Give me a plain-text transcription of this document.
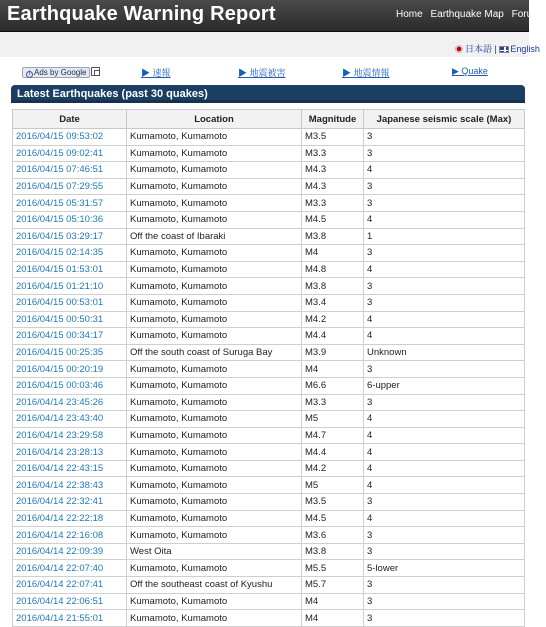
Earthquake Warning Report	Home Earthquake Map Forum
日本語 | English
i Ads by Google	▶ 速報	▶ 地震被害	▶ 地震情報	▶ Quake
Latest Earthquakes (past 30 quakes)
Date	Location	Magnitude	Japanese seismic scale (Max)
2016/04/15 09:53:02	Kumamoto, Kumamoto	M3.5	3
2016/04/15 09:02:41	Kumamoto, Kumamoto	M3.3	3
2016/04/15 07:46:51	Kumamoto, Kumamoto	M4.3	4
2016/04/15 07:29:55	Kumamoto, Kumamoto	M4.3	3
2016/04/15 05:31:57	Kumamoto, Kumamoto	M3.3	3
2016/04/15 05:10:36	Kumamoto, Kumamoto	M4.5	4
2016/04/15 03:29:17	Off the coast of Ibaraki	M3.8	1
2016/04/15 02:14:35	Kumamoto, Kumamoto	M4	3
2016/04/15 01:53:01	Kumamoto, Kumamoto	M4.8	4
2016/04/15 01:21:10	Kumamoto, Kumamoto	M3.8	3
2016/04/15 00:53:01	Kumamoto, Kumamoto	M3.4	3
2016/04/15 00:50:31	Kumamoto, Kumamoto	M4.2	4
2016/04/15 00:34:17	Kumamoto, Kumamoto	M4.4	4
2016/04/15 00:25:35	Off the south coast of Suruga Bay	M3.9	Unknown
2016/04/15 00:20:19	Kumamoto, Kumamoto	M4	3
2016/04/15 00:03:46	Kumamoto, Kumamoto	M6.6	6-upper
2016/04/14 23:45:26	Kumamoto, Kumamoto	M3.3	3
2016/04/14 23:43:40	Kumamoto, Kumamoto	M5	4
2016/04/14 23:29:58	Kumamoto, Kumamoto	M4.7	4
2016/04/14 23:28:13	Kumamoto, Kumamoto	M4.4	4
2016/04/14 22:43:15	Kumamoto, Kumamoto	M4.2	4
2016/04/14 22:38:43	Kumamoto, Kumamoto	M5	4
2016/04/14 22:32:41	Kumamoto, Kumamoto	M3.5	3
2016/04/14 22:22:18	Kumamoto, Kumamoto	M4.5	4
2016/04/14 22:16:08	Kumamoto, Kumamoto	M3.6	3
2016/04/14 22:09:39	West Oita	M3.8	3
2016/04/14 22:07:40	Kumamoto, Kumamoto	M5.5	5-lower
2016/04/14 22:07:41	Off the southeast coast of Kyushu	M5.7	3
2016/04/14 22:06:51	Kumamoto, Kumamoto	M4	3
2016/04/14 21:55:01	Kumamoto, Kumamoto	M4	3
